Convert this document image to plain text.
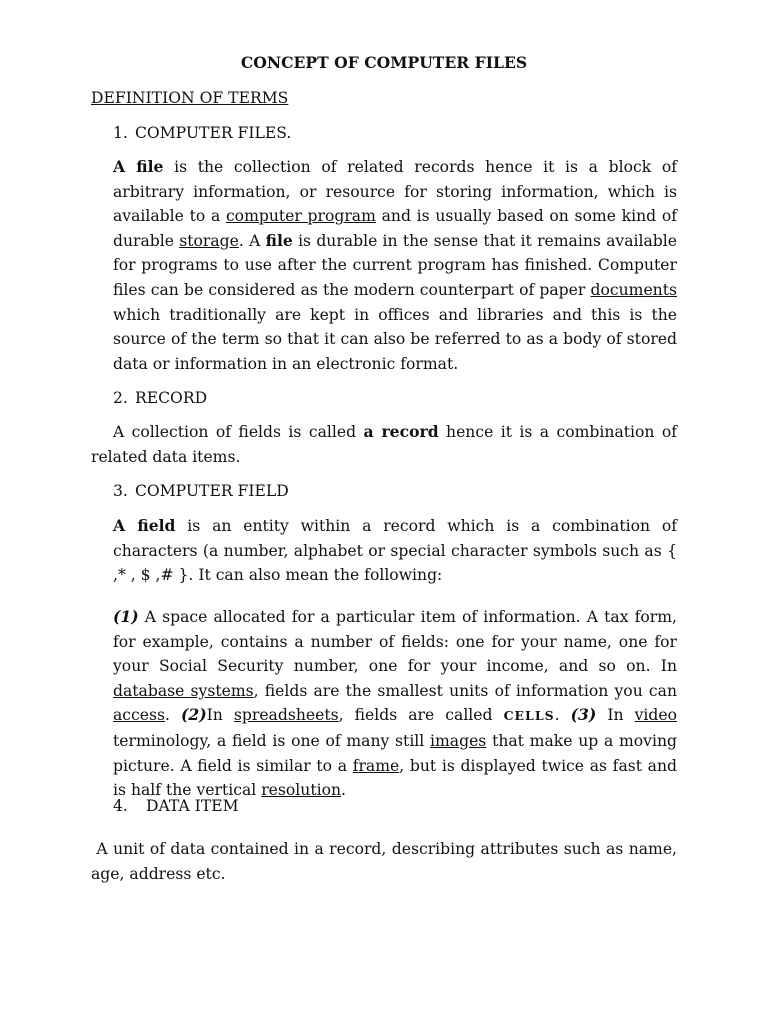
CONCEPT OF COMPUTER FILES
DEFINITION OF TERMS
1. COMPUTER FILES.

A file is the collection of related records hence it is a block of arbitrary information, or resource for storing information, which is available to a computer program and is usually based on some kind of durable storage. A file is durable in the sense that it remains available for programs to use after the current program has finished. Computer files can be considered as the modern counterpart of paper documents which traditionally are kept in offices and libraries and this is the source of the term so that it can also be referred to as a body of stored data or information in an electronic format.

2. RECORD

A collection of fields is called a record hence it is a combination of related data items.

3. COMPUTER FIELD

A field is an entity within a record which is a combination of characters (a number, alphabet or special character symbols such as { ,* , $ ,# }. It can also mean the following:

(1) A space allocated for a particular item of information. A tax form, for example, contains a number of fields: one for your name, one for your Social Security number, one for your income, and so on. In database systems, fields are the smallest units of information you can access. (2)In spreadsheets, fields are called CELLS. (3) In video terminology, a field is one of many still images that make up a moving picture. A field is similar to a frame, but is displayed twice as fast and is half the vertical resolution.

4. DATA ITEM

A unit of data contained in a record, describing attributes such as name, age, address etc.
